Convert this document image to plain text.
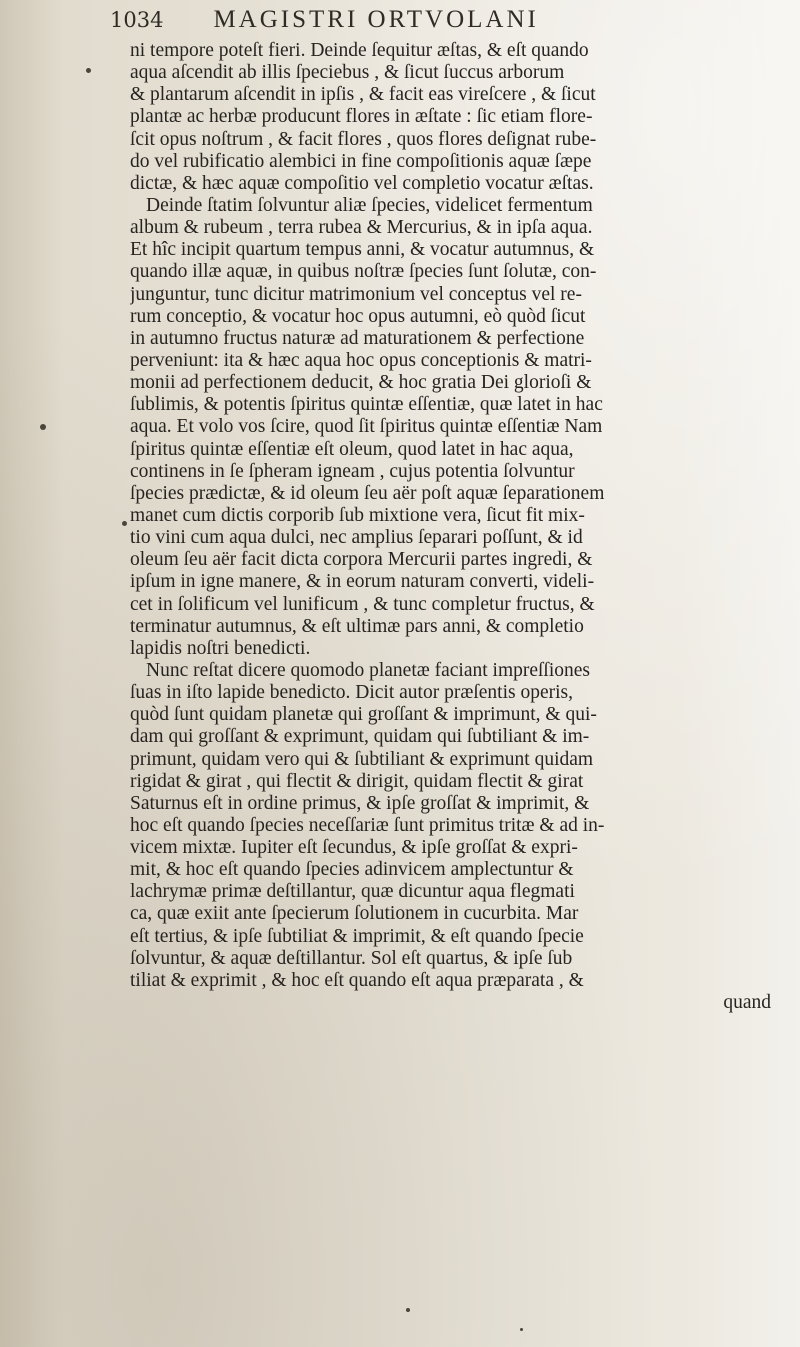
1034 MAGISTRI ORTVOLANI
ni tempore poteſt fieri. Deinde ſequitur æſtas, & eſt quando
aqua aſcendit ab illis ſpeciebus , & ſicut ſuccus arborum
& plantarum aſcendit in ipſis , & facit eas vireſcere , & ſicut
plantæ ac herbæ producunt flores in æſtate : ſic etiam flore-
ſcit opus noſtrum , & facit flores , quos flores deſignat rube-
do vel rubificatio alembici in fine compoſitionis aquæ ſæpe
dictæ, & hæc aquæ compoſitio vel completio vocatur æſtas.
Deinde ſtatim ſolvuntur aliæ ſpecies, videlicet fermentum
album & rubeum , terra rubea & Mercurius, & in ipſa aqua.
Et hîc incipit quartum tempus anni, & vocatur autumnus, &
quando illæ aquæ, in quibus noſtræ ſpecies ſunt ſolutæ, con-
junguntur, tunc dicitur matrimonium vel conceptus vel re-
rum conceptio, & vocatur hoc opus autumni, eò quòd ſicut
in autumno fructus naturæ ad maturationem & perfectione
perveniunt: ita & hæc aqua hoc opus conceptionis & matri-
monii ad perfectionem deducit, & hoc gratia Dei glorioſi &
ſublimis, & potentis ſpiritus quintæ eſſentiæ, quæ latet in hac
aqua. Et volo vos ſcire, quod ſit ſpiritus quintæ eſſentiæ Nam
ſpiritus quintæ eſſentiæ eſt oleum, quod latet in hac aqua,
continens in ſe ſpheram igneam , cujus potentia ſolvuntur
ſpecies prædictæ, & id oleum ſeu aër poſt aquæ ſeparationem
manet cum dictis corporib ſub mixtione vera, ſicut fit mix-
tio vini cum aqua dulci, nec amplius ſeparari poſſunt, & id
oleum ſeu aër facit dicta corpora Mercurii partes ingredi, &
ipſum in igne manere, & in eorum naturam converti, videli-
cet in ſolificum vel lunificum , & tunc completur fructus, &
terminatur autumnus, & eſt ultimæ pars anni, & completio
lapidis noſtri benedicti.
Nunc reſtat dicere quomodo planetæ faciant impreſſiones
ſuas in iſto lapide benedicto. Dicit autor præſentis operis,
quòd ſunt quidam planetæ qui groſſant & imprimunt, & qui-
dam qui groſſant & exprimunt, quidam qui ſubtiliant & im-
primunt, quidam vero qui & ſubtiliant & exprimunt quidam
rigidat & girat , qui flectit & dirigit, quidam flectit & girat
Saturnus eſt in ordine primus, & ipſe groſſat & imprimit, &
hoc eſt quando ſpecies neceſſariæ ſunt primitus tritæ & ad in-
vicem mixtæ. Iupiter eſt ſecundus, & ipſe groſſat & expri-
mit, & hoc eſt quando ſpecies adinvicem amplectuntur &
lachrymæ primæ deſtillantur, quæ dicuntur aqua flegmati
ca, quæ exiit ante ſpecierum ſolutionem in cucurbita. Mar
eſt tertius, & ipſe ſubtiliat & imprimit, & eſt quando ſpecie
ſolvuntur, & aquæ deſtillantur. Sol eſt quartus, & ipſe ſub
tiliat & exprimit , & hoc eſt quando eſt aqua præparata , &
quand
